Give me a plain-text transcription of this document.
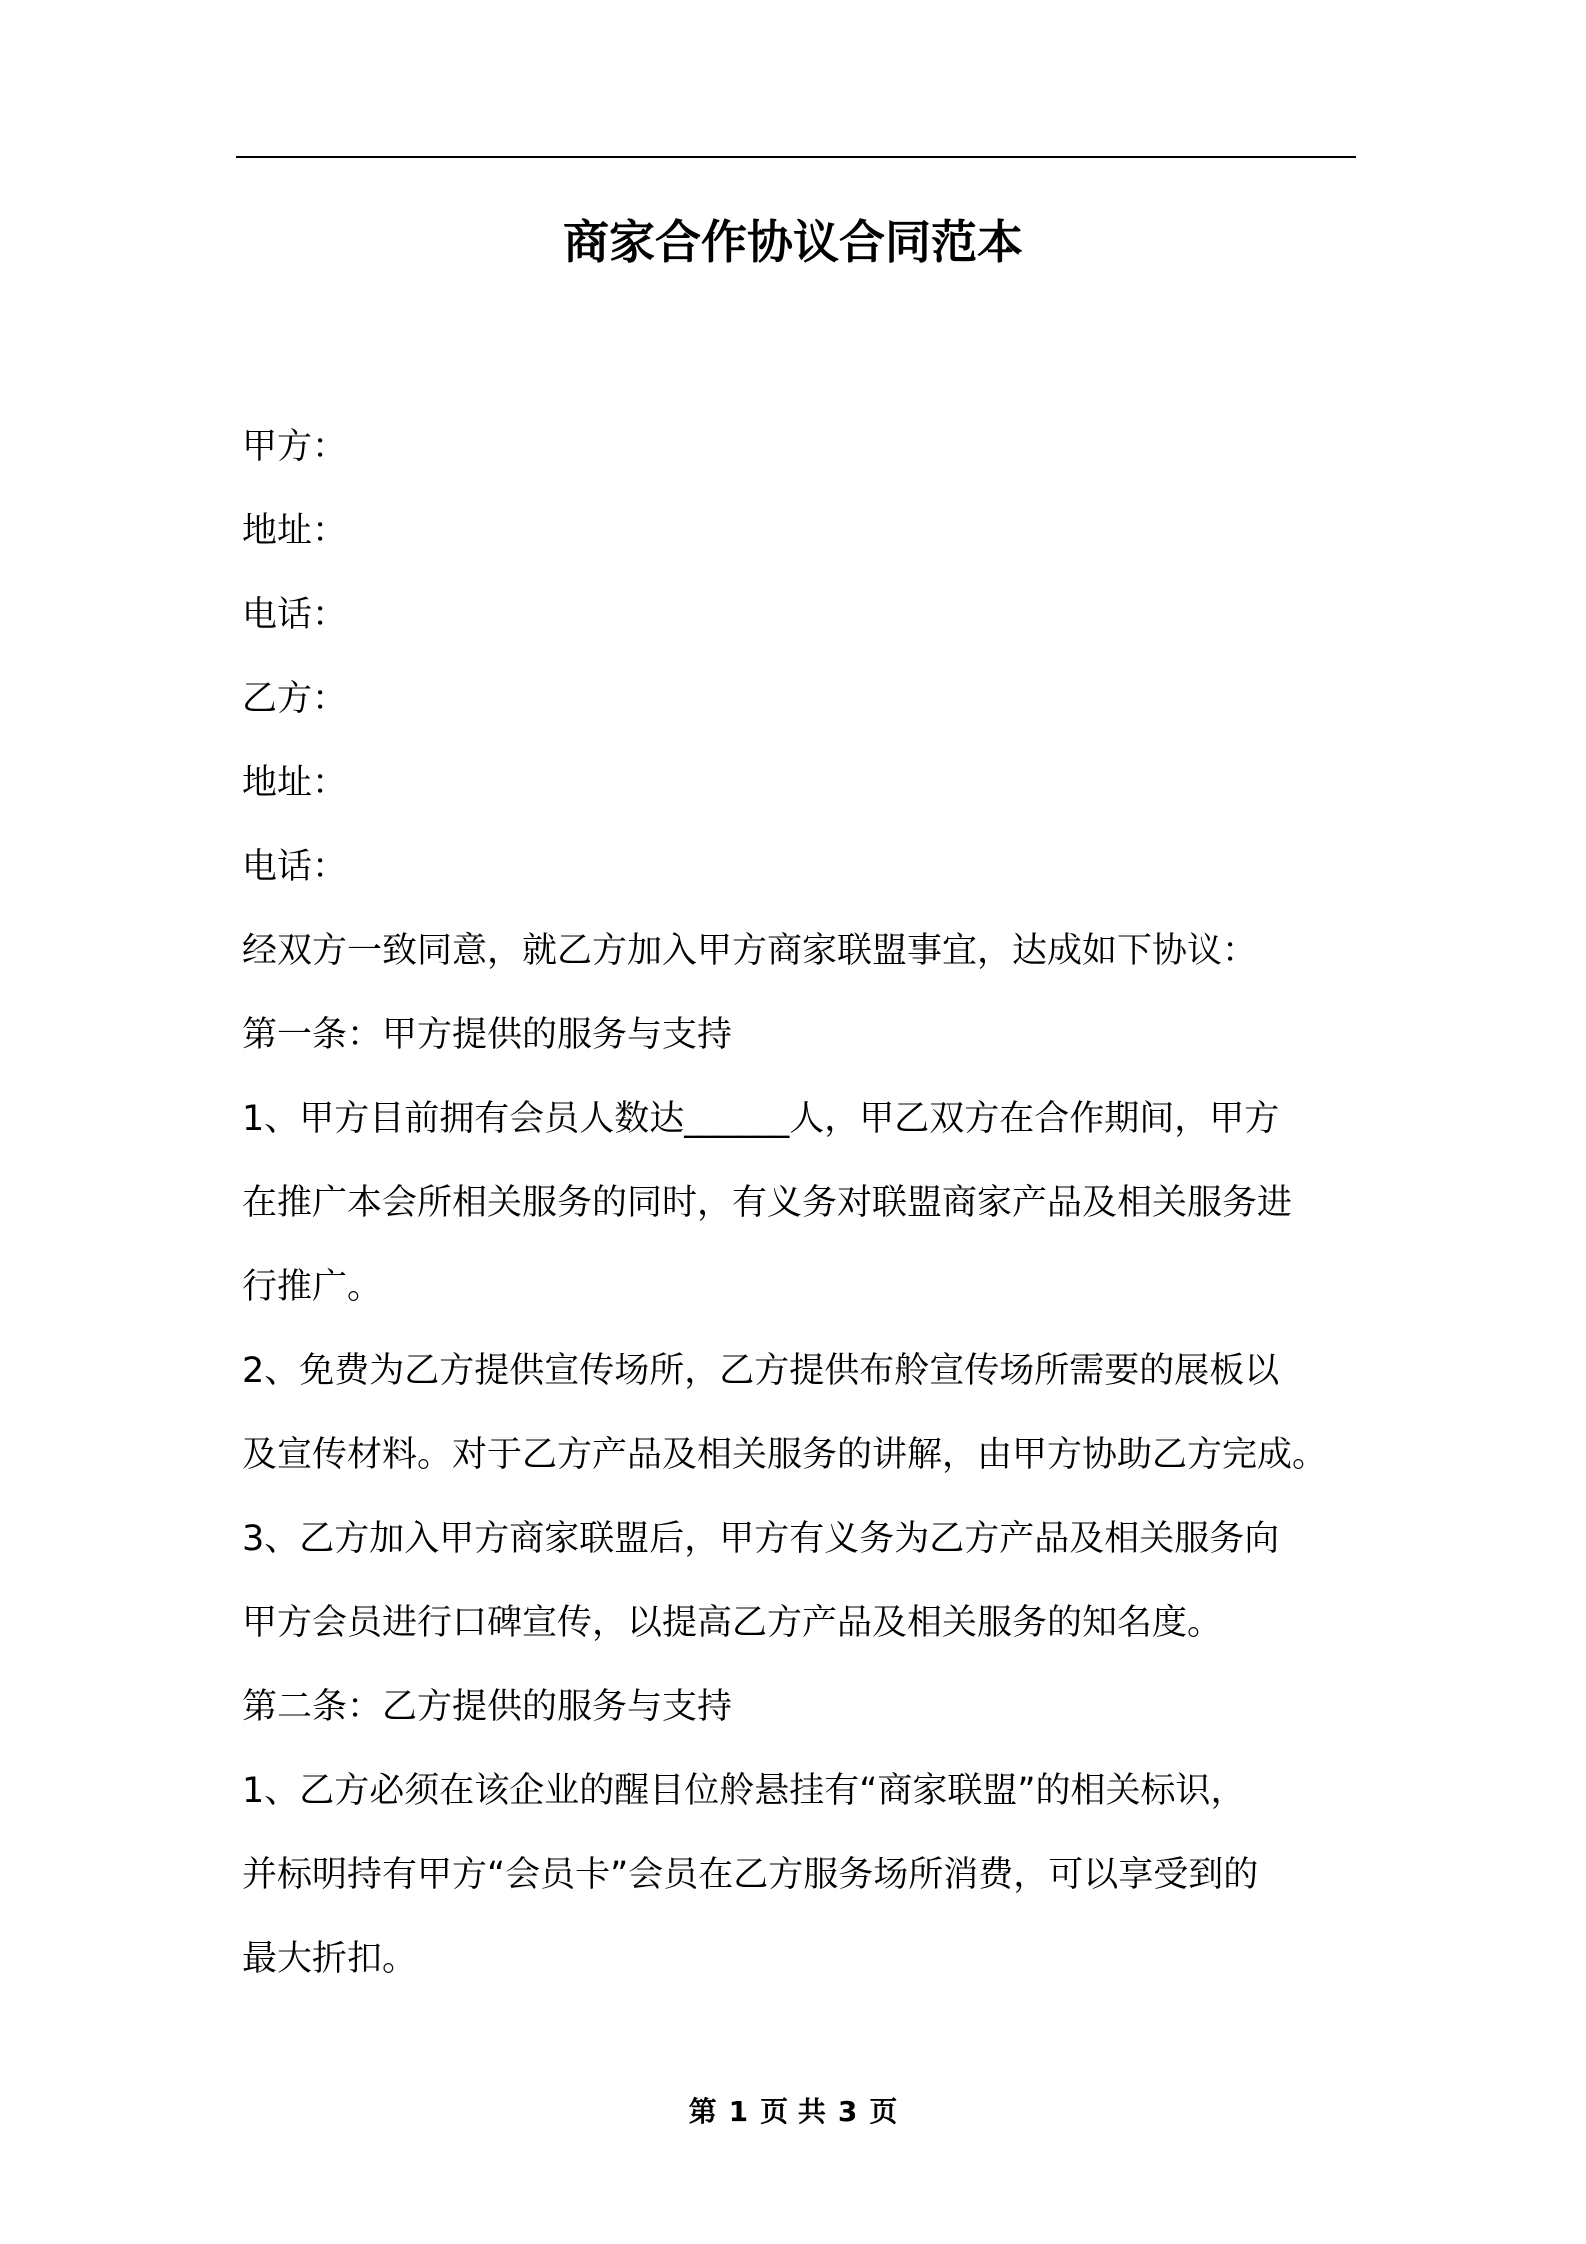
商家合作协议合同范本
甲方：
地址：
电话：
乙方：
地址：
电话：
经双方一致同意，就乙方加入甲方商家联盟事宜，达成如下协议：
第一条：甲方提供的服务与支持
1、甲方目前拥有会员人数达______人，甲乙双方在合作期间，甲方
在推广本会所相关服务的同时，有义务对联盟商家产品及相关服务进
行推广。
2、免费为乙方提供宣传场所，乙方提供布舲宣传场所需要的展板以
及宣传材料。对于乙方产品及相关服务的讲解，由甲方协助乙方完成。
3、乙方加入甲方商家联盟后，甲方有义务为乙方产品及相关服务向
甲方会员进行口碑宣传，以提高乙方产品及相关服务的知名度。
第二条：乙方提供的服务与支持
1、乙方必须在该企业的醒目位舲悬挂有“商家联盟”的相关标识，
并标明持有甲方“会员卡”会员在乙方服务场所消费，可以享受到的
最大折扣。
第 1 页 共 3 页
